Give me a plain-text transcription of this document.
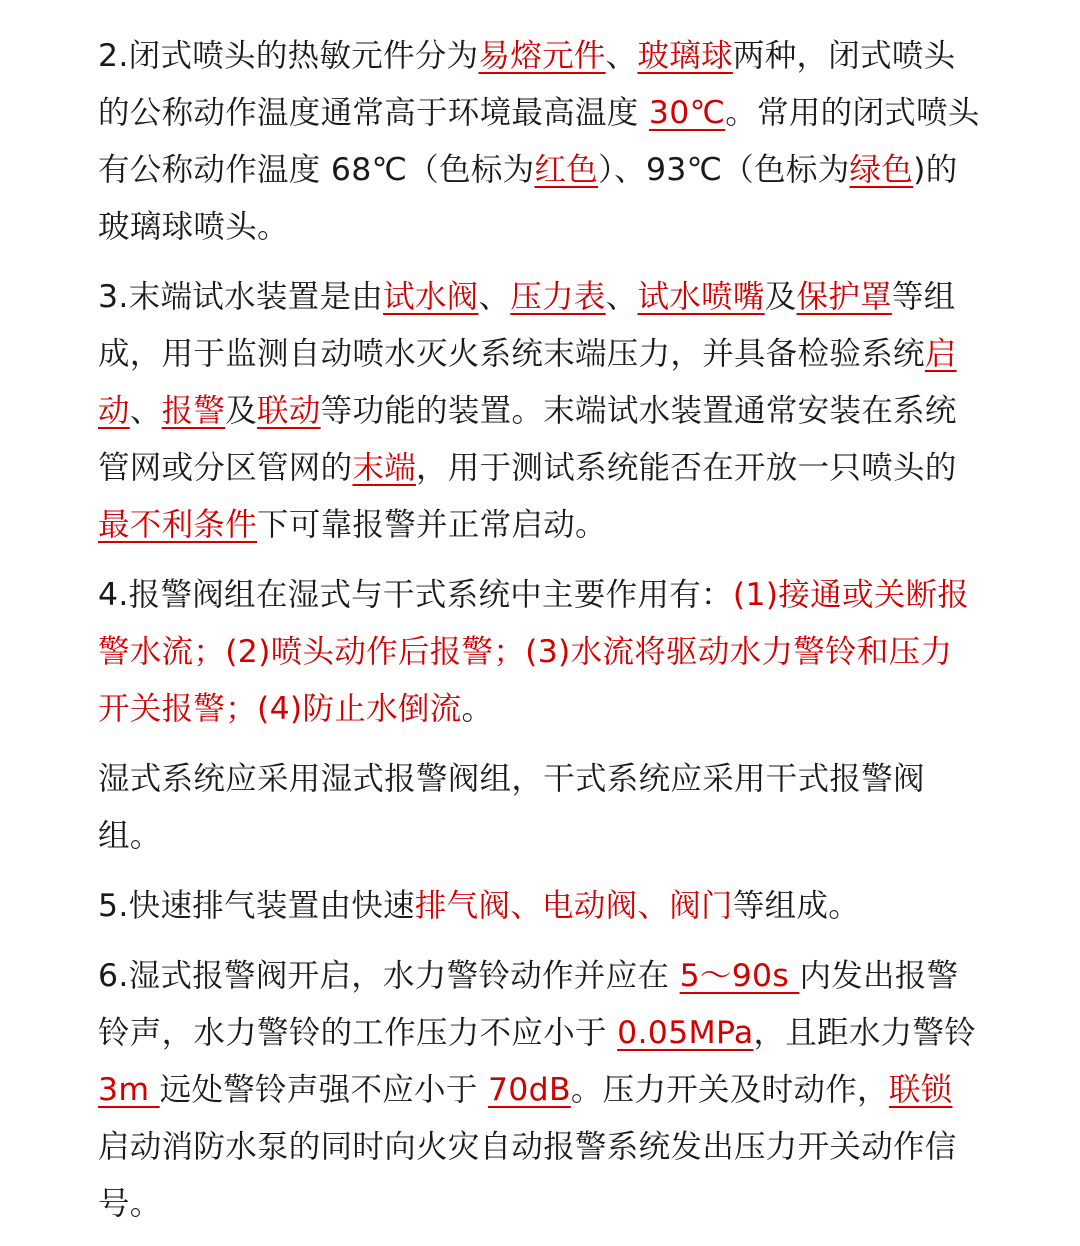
2.闭式喷头的热敏元件分为易熔元件、玻璃球两种，闭式喷头的公称动作温度通常高于环境最高温度 30℃。常用的闭式喷头有公称动作温度 68℃（色标为红色）、93℃（色标为绿色)的玻璃球喷头。

3.末端试水装置是由试水阀、压力表、试水喷嘴及保护罩等组成，用于监测自动喷水灭火系统末端压力，并具备检验系统启动、报警及联动等功能的装置。末端试水装置通常安装在系统管网或分区管网的末端，用于测试系统能否在开放一只喷头的最不利条件下可靠报警并正常启动。

4.报警阀组在湿式与干式系统中主要作用有：(1)接通或关断报警水流；(2)喷头动作后报警；(3)水流将驱动水力警铃和压力开关报警；(4)防止水倒流。

湿式系统应采用湿式报警阀组，干式系统应采用干式报警阀组。

5.快速排气装置由快速排气阀、电动阀、阀门等组成。

6.湿式报警阀开启，水力警铃动作并应在 5～90s 内发出报警铃声，水力警铃的工作压力不应小于 0.05MPa，且距水力警铃 3m 远处警铃声强不应小于 70dB。压力开关及时动作，联锁启动消防水泵的同时向火灾自动报警系统发出压力开关动作信号。
